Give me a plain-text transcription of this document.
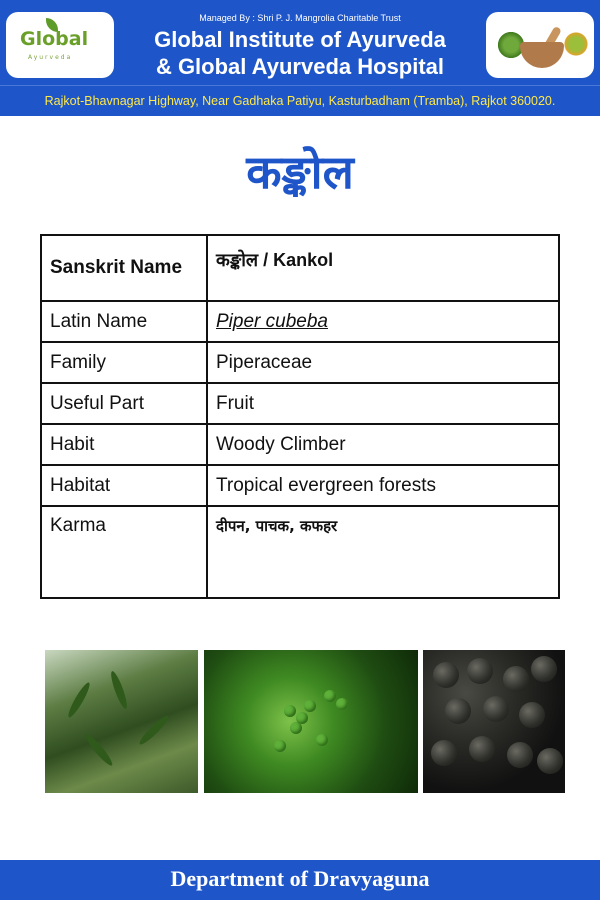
Global
Ayurveda
Managed By : Shri P. J. Mangrolia Charitable Trust
Global Institute of Ayurveda
& Global Ayurveda Hospital
Rajkot-Bhavnagar Highway, Near Gadhaka Patiyu, Kasturbadham (Tramba), Rajkot 360020.
कङ्कोल
Sanskrit Name	कङ्कोल / Kankol
Latin Name	Piper cubeba
Family	Piperaceae
Useful Part	Fruit
Habit	Woody Climber
Habitat	Tropical evergreen forests
Karma	दीपन, पाचक, कफहर
Department of Dravyaguna
